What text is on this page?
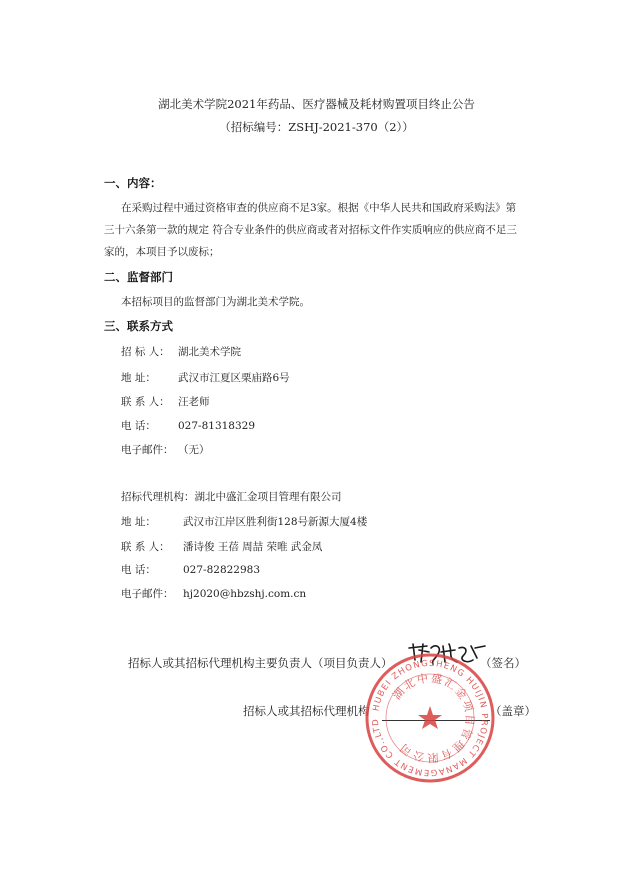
湖北美术学院2021年药品、医疗器械及耗材购置项目终止公告
（招标编号：ZSHJ-2021-370（2））
一、内容：
在采购过程中通过资格审查的供应商不足3家。根据《中华人民共和国政府采购法》第
三十六条第一款的规定 符合专业条件的供应商或者对招标文件作实质响应的供应商不足三
家的，本项目予以废标；
二、监督部门
本招标项目的监督部门为湖北美术学院。
三、联系方式
招 标 人： 湖北美术学院
地 址： 武汉市江夏区栗庙路6号
联 系 人： 汪老师
电 话： 027-81318329
电子邮件： （无）
招标代理机构：湖北中盛汇金项目管理有限公司
地 址：	武汉市江岸区胜利街128号新源大厦4楼
联 系 人： 潘诗俊 王蓓 周喆 荣唯 武金凤
电 话：	027-82822983
电子邮件： hj2020@hbzshj.com.cn
招标人或其招标代理机构主要负责人（项目负责人）	（签名）
招标人或其招标代理机构	（盖章）
HUBEI ZHONGSHENG HUIJIN PROJECT MANAGEMENT CO.,LTD
湖北中盛汇金项目管理有限公司
